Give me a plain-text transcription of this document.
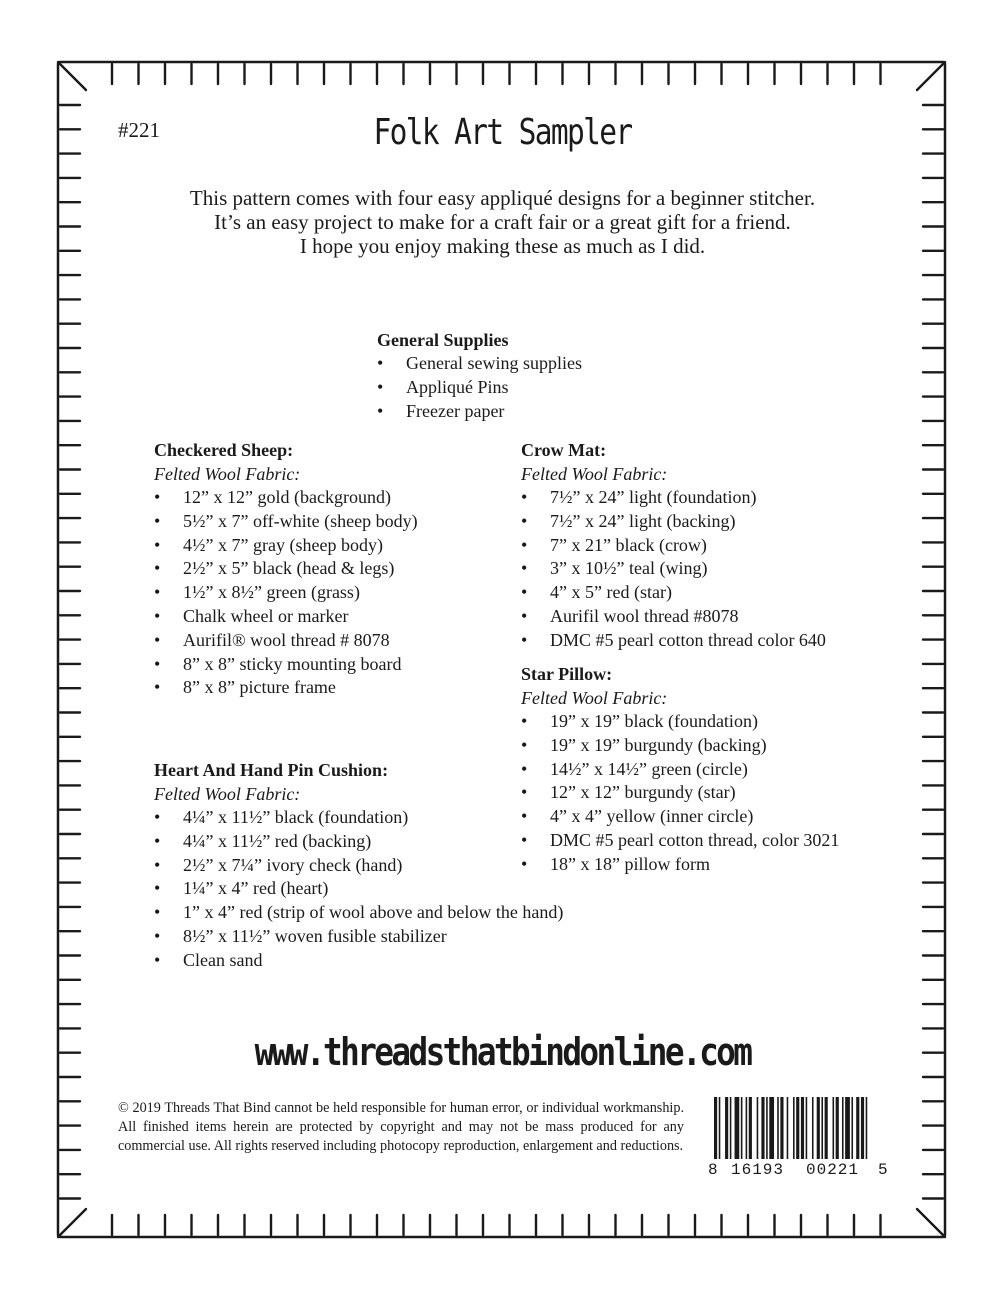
#221	Folk Art Sampler
This pattern comes with four easy appliqué designs for a beginner stitcher.
It’s an easy project to make for a craft fair or a great gift for a friend.
I hope you enjoy making these as much as I did.
General Supplies
• General sewing supplies
• Appliqué Pins
• Freezer paper
Checkered Sheep:
Felted Wool Fabric:
• 12” x 12” gold (background)
• 5½” x 7” off-white (sheep body)
• 4½” x 7” gray (sheep body)
• 2½” x 5” black (head & legs)
• 1½” x 8½” green (grass)
• Chalk wheel or marker
• Aurifil® wool thread # 8078
• 8” x 8” sticky mounting board
• 8” x 8” picture frame
Crow Mat:
Felted Wool Fabric:
• 7½” x 24” light (foundation)
• 7½” x 24” light (backing)
• 7” x 21” black (crow)
• 3” x 10½” teal (wing)
• 4” x 5” red (star)
• Aurifil wool thread #8078
• DMC #5 pearl cotton thread color 640
Star Pillow:
Felted Wool Fabric:
• 19” x 19” black (foundation)
• 19” x 19” burgundy (backing)
• 14½” x 14½” green (circle)
• 12” x 12” burgundy (star)
• 4” x 4” yellow (inner circle)
• DMC #5 pearl cotton thread, color 3021
• 18” x 18” pillow form
Heart And Hand Pin Cushion:
Felted Wool Fabric:
• 4¼” x 11½” black (foundation)
• 4¼” x 11½” red (backing)
• 2½” x 7¼” ivory check (hand)
• 1¼” x 4” red (heart)
• 1” x 4” red (strip of wool above and below the hand)
• 8½” x 11½” woven fusible stabilizer
• Clean sand
www.threadsthatbindonline.com
© 2019 Threads That Bind cannot be held responsible for human error, or individual workmanship. All finished items herein are protected by copyright and may not be mass produced for any commercial use. All rights reserved including photocopy reproduction, enlargement and reductions.
8 16193 00221 5
